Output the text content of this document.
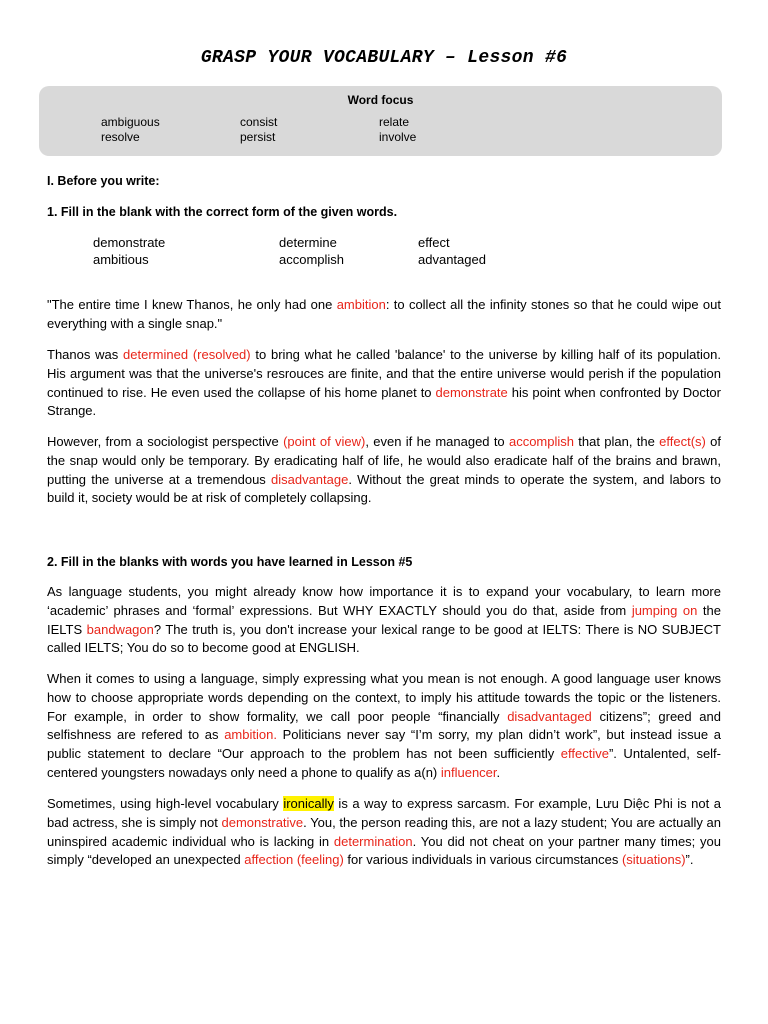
GRASP YOUR VOCABULARY – Lesson #6
Word focus
ambiguous
resolve
consist
persist
relate
involve
I. Before you write:
1. Fill in the blank with the correct form of the given words.
demonstrate
ambitious
determine
accomplish
effect
advantaged

"The entire time I knew Thanos, he only had one ambition: to collect all the infinity stones so that he could wipe out everything with a single snap."

Thanos was determined (resolved) to bring what he called 'balance' to the universe by killing half of its population. His argument was that the universe's resrouces are finite, and that the entire universe would perish if the population continued to rise. He even used the collapse of his home planet to demonstrate his point when confronted by Doctor Strange.

However, from a sociologist perspective (point of view), even if he managed to accomplish that plan, the effect(s) of the snap would only be temporary. By eradicating half of life, he would also eradicate half of the brains and brawn, putting the universe at a tremendous disadvantage. Without the great minds to operate the system, and labors to build it, society would be at risk of completely collapsing.

2. Fill in the blanks with words you have learned in Lesson #5

As language students, you might already know how importance it is to expand your vocabulary, to learn more ‘academic’ phrases and ‘formal’ expressions. But WHY EXACTLY should you do that, aside from jumping on the IELTS bandwagon? The truth is, you don't increase your lexical range to be good at IELTS: There is NO SUBJECT called IELTS; You do so to become good at ENGLISH.

When it comes to using a language, simply expressing what you mean is not enough. A good language user knows how to choose appropriate words depending on the context, to imply his attitude towards the topic or the listeners. For example, in order to show formality, we call poor people “financially disadvantaged citizens”; greed and selfishness are refered to as ambition. Politicians never say “I’m sorry, my plan didn’t work”, but instead issue a public statement to declare “Our approach to the problem has not been sufficiently effective”. Untalented, self-centered youngsters nowadays only need a phone to qualify as a(n) influencer.

Sometimes, using high-level vocabulary ironically is a way to express sarcasm. For example, Lưu Diệc Phi is not a bad actress, she is simply not demonstrative. You, the person reading this, are not a lazy student; You are actually an uninspired academic individual who is lacking in determination. You did not cheat on your partner many times; you simply “developed an unexpected affection (feeling) for various individuals in various circumstances (situations)”.
